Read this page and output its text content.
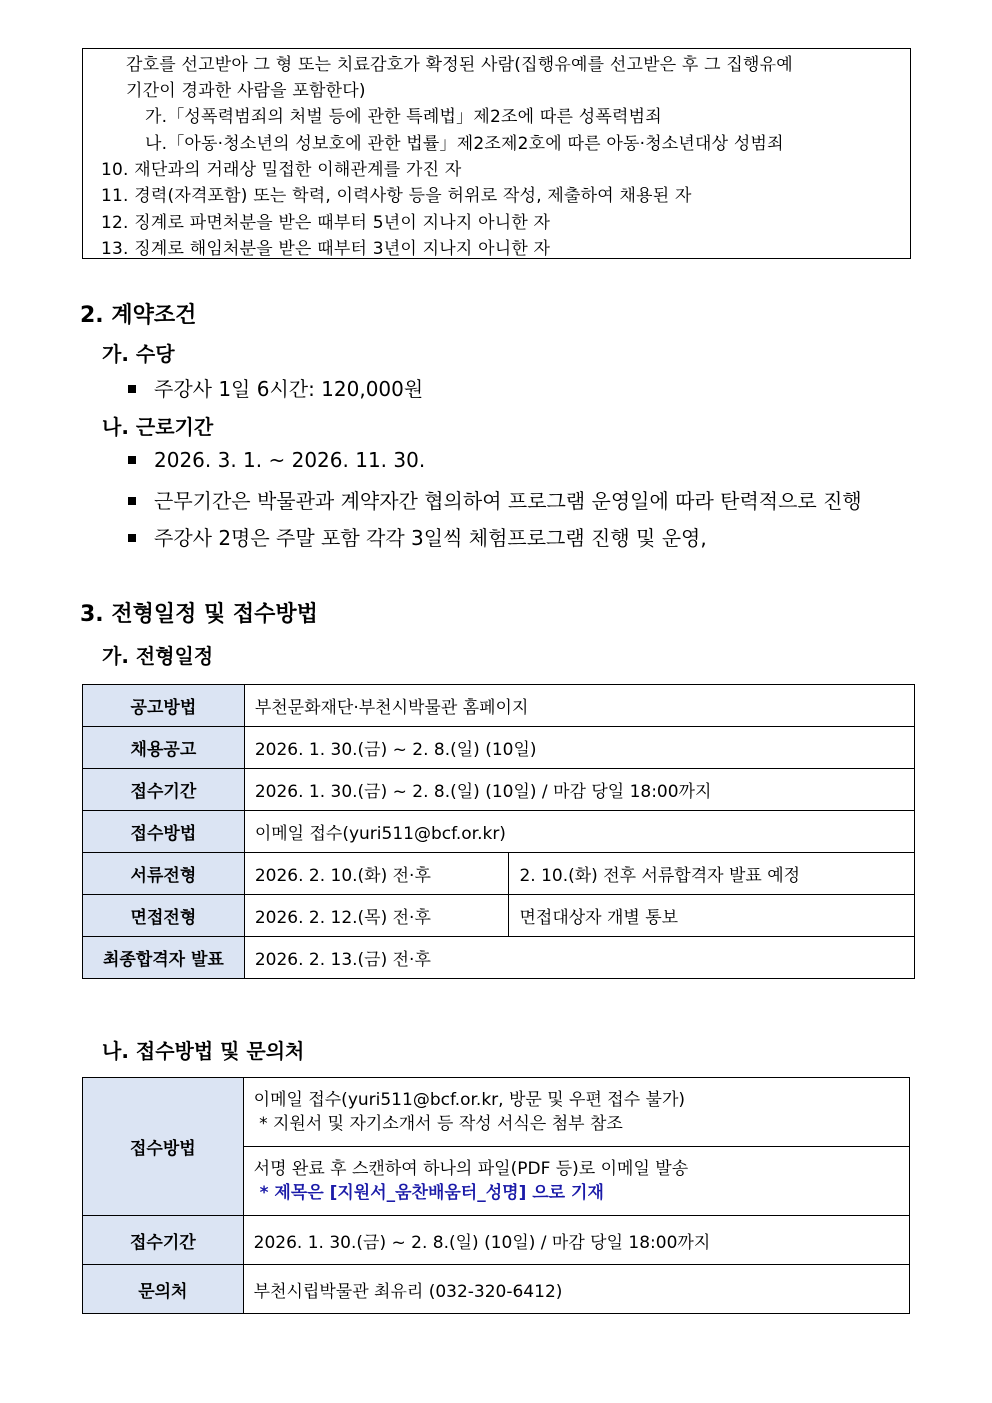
감호를 선고받아 그 형 또는 치료감호가 확정된 사람(집행유예를 선고받은 후 그 집행유예
기간이 경과한 사람을 포함한다)
가.「성폭력범죄의 처벌 등에 관한 특례법」제2조에 따른 성폭력범죄
나.「아동·청소년의 성보호에 관한 법률」제2조제2호에 따른 아동·청소년대상 성범죄
10. 재단과의 거래상 밀접한 이해관계를 가진 자
11. 경력(자격포함) 또는 학력, 이력사항 등을 허위로 작성, 제출하여 채용된 자
12. 징계로 파면처분을 받은 때부터 5년이 지나지 아니한 자
13. 징계로 해임처분을 받은 때부터 3년이 지나지 아니한 자
2. 계약조건
가. 수당
주강사 1일 6시간: 120,000원
나. 근로기간
2026. 3. 1. ~ 2026. 11. 30.
근무기간은 박물관과 계약자간 협의하여 프로그램 운영일에 따라 탄력적으로 진행
주강사 2명은 주말 포함 각각 3일씩 체험프로그램 진행 및 운영,
3. 전형일정 및 접수방법
가. 전형일정
공고방법	부천문화재단·부천시박물관 홈페이지	
채용공고	2026. 1. 30.(금) ~ 2. 8.(일) (10일)	
접수기간	2026. 1. 30.(금) ~ 2. 8.(일) (10일) / 마감 당일 18:00까지	
접수방법	이메일 접수(yuri511@bcf.or.kr)	
서류전형	2026. 2. 10.(화) 전·후	2. 10.(화) 전후 서류합격자 발표 예정
면접전형	2026. 2. 12.(목) 전·후	면접대상자 개별 통보
최종합격자 발표	2026. 2. 13.(금) 전·후	
나. 접수방법 및 문의처
접수방법	이메일 접수(yuri511@bcf.or.kr, 방문 및 우편 접수 불가)
* 지원서 및 자기소개서 등 작성 서식은 첨부 참조

	서명 완료 후 스캔하여 하나의 파일(PDF 등)로 이메일 발송
* 제목은 [지원서_움찬배움터_성명] 으로 기재

접수기간	2026. 1. 30.(금) ~ 2. 8.(일) (10일) / 마감 당일 18:00까지
문의처	부천시립박물관 최유리 (032-320-6412)
